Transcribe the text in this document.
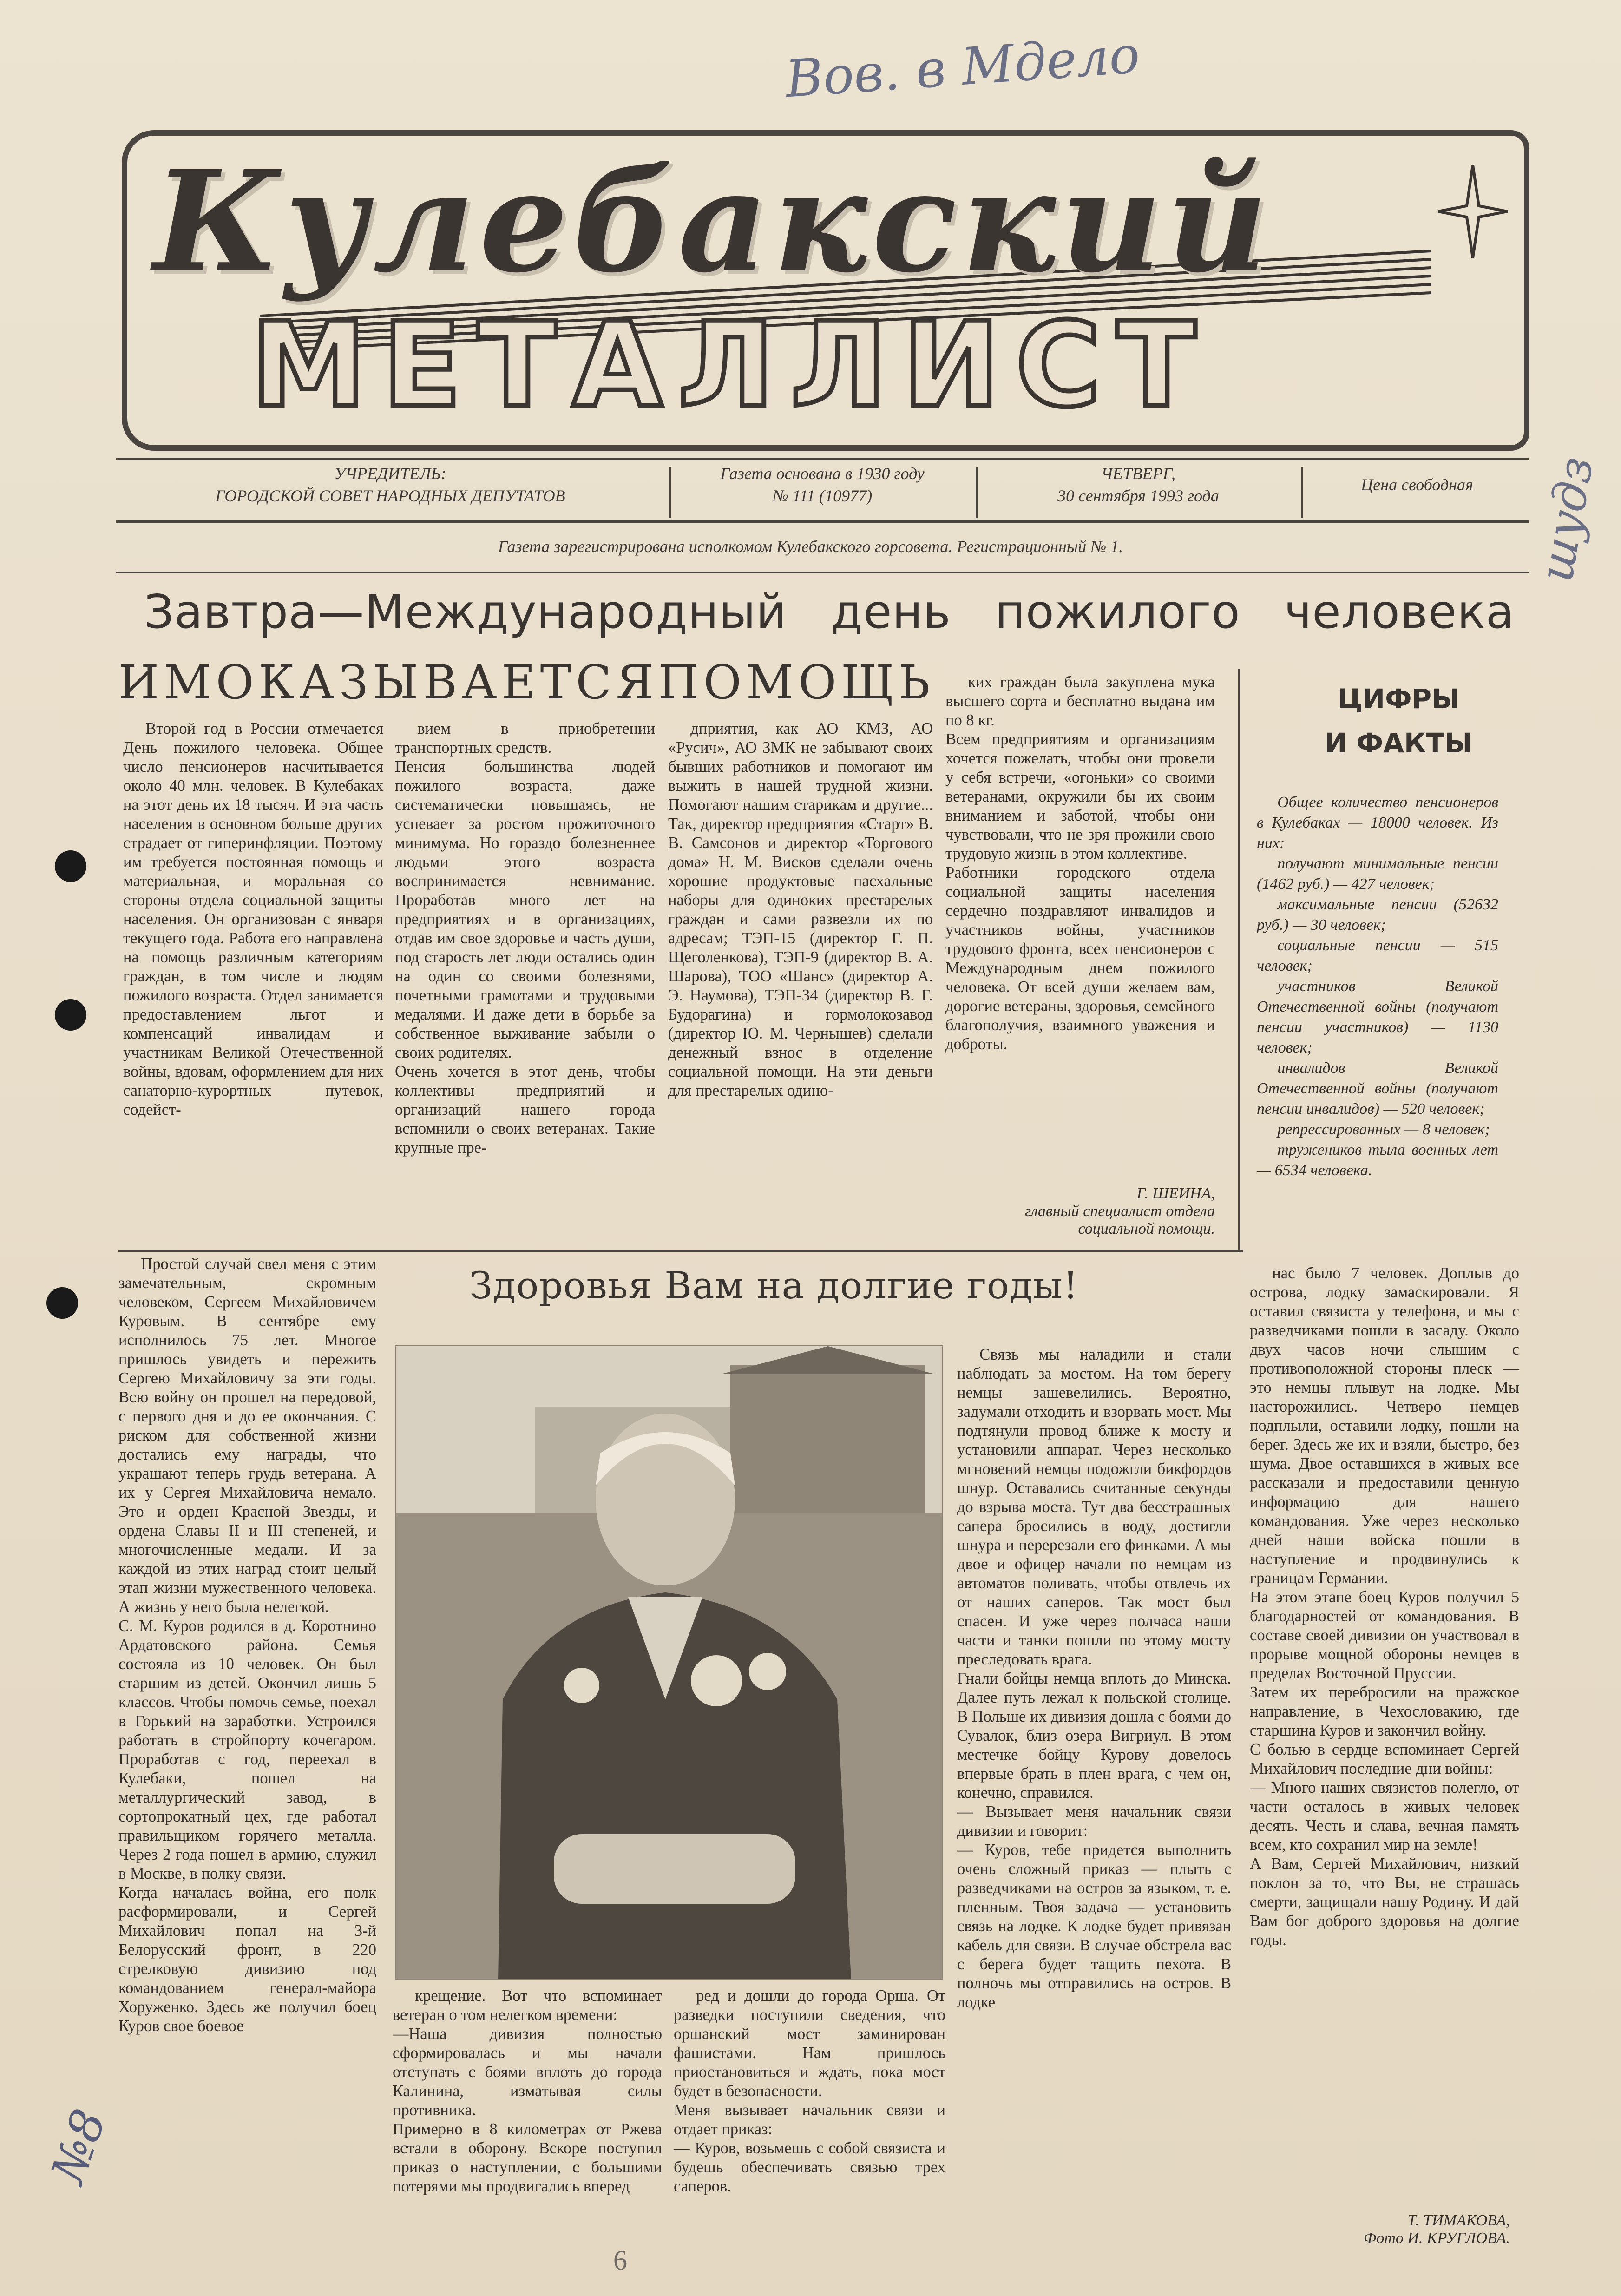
Вов. в Мдело
шудз
Кулебакский
МЕТАЛЛИСТ
УЧРЕДИТЕЛЬ:
ГОРОДСКОЙ СОВЕТ НАРОДНЫХ ДЕПУТАТОВ
Газета основана в 1930 году
№ 111 (10977)
ЧЕТВЕРГ,
30 сентября 1993 года
Цена свободная
Газета зарегистрирована исполкомом Кулебакского горсовета. Регистрационный № 1.
Завтра—Международный день пожилого человека
ИМ ОКАЗЫВАЕТСЯ ПОМОЩЬ
Второй год в России отмечается День пожилого человека. Общее число пенсионеров насчитывается около 40 млн. человек. В Кулебаках на этот день их 18 тысяч. И эта часть населения в основном больше других страдает от гиперинфляции. Поэтому им требуется постоянная помощь и материальная, и моральная со стороны отдела социальной защиты населения. Он организован с января текущего года. Работа его направлена на помощь различным категориям граждан, в том числе и людям пожилого возраста. Отдел занимается предоставлением льгот и компенсаций инвалидам и участникам Великой Отечественной войны, вдовам, оформлением для них санаторно-курортных путевок, содейст-
вием в приобретении транспортных средств.
Пенсия большинства людей пожилого возраста, даже систематически повышаясь, не успевает за ростом прожиточного минимума. Но гораздо болезненнее людьми этого возраста воспринимается невнимание. Проработав много лет на предприятиях и в организациях, отдав им свое здоровье и часть души, под старость лет люди остались один на один со своими болезнями, почетными грамотами и трудовыми медалями. И даже дети в борьбе за собственное выживание забыли о своих родителях.
Очень хочется в этот день, чтобы коллективы предприятий и организаций нашего города вспомнили о своих ветеранах. Такие крупные пре-
дприятия, как АО КМЗ, АО «Русич», АО ЗМК не забывают своих бывших работников и помогают им выжить в нашей трудной жизни. Помогают нашим старикам и другие... Так, директор предприятия «Старт» В. В. Самсонов и директор «Торгового дома» Н. М. Висков сделали очень хорошие продуктовые пасхальные наборы для одиноких престарелых граждан и сами развезли их по адресам; ТЭП-15 (директор Г. П. Щеголенкова), ТЭП-9 (директор В. А. Шарова), ТОО «Шанс» (директор А. Э. Наумова), ТЭП-34 (директор В. Г. Будорагина) и гормолокозавод (директор Ю. М. Чернышев) сделали денежный взнос в отделение социальной помощи. На эти деньги для престарелых одино-
ких граждан была закуплена мука высшего сорта и бесплатно выдана им по 8 кг.
Всем предприятиям и организациям хочется пожелать, чтобы они провели у себя встречи, «огоньки» со своими ветеранами, окружили бы их своим вниманием и заботой, чтобы они чувствовали, что не зря прожили свою трудовую жизнь в этом коллективе.
Работники городского отдела социальной защиты населения сердечно поздравляют инвалидов и участников войны, участников трудового фронта, всех пенсионеров с Международным днем пожилого человека. От всей души желаем вам, дорогие ветераны, здоровья, семейного благополучия, взаимного уважения и доброты.
Г. ШЕИНА,
главный специалист отдела социальной помощи.
ЦИФРЫ
И ФАКТЫ

Общее количество пенсионеров в Кулебаках — 18000 человек. Из них:

получают минимальные пенсии (1462 руб.) — 427 человек;

максимальные пенсии (52632 руб.) — 30 человек;

социальные пенсии — 515 человек;

участников Великой Отечественной войны (получают пенсии участников) — 1130 человек;

инвалидов Великой Отечественной войны (получают пенсии инвалидов) — 520 человек;

репрессированных — 8 человек;

тружеников тыла военных лет — 6534 человека.

Здоровья Вам на долгие годы!
Простой случай свел меня с этим замечательным, скромным человеком, Сергеем Михайловичем Куровым. В сентябре ему исполнилось 75 лет. Многое пришлось увидеть и пережить Сергею Михайловичу за эти годы. Всю войну он прошел на передовой, с первого дня и до ее окончания. С риском для собственной жизни достались ему награды, что украшают теперь грудь ветерана. А их у Сергея Михайловича немало. Это и орден Красной Звезды, и ордена Славы II и III степеней, и многочисленные медали. И за каждой из этих наград стоит целый этап жизни мужественного человека. А жизнь у него была нелегкой.
С. М. Куров родился в д. Коротнино Ардатовского района. Семья состояла из 10 человек. Он был старшим из детей. Окончил лишь 5 классов. Чтобы помочь семье, поехал в Горький на заработки. Устроился работать в стройпорту кочегаром. Проработав с год, переехал в Кулебаки, пошел на металлургический завод, в сортопрокатный цех, где работал правильщиком горячего металла. Через 2 года пошел в армию, служил в Москве, в полку связи.
Когда началась война, его полк расформировали, и Сергей Михайлович попал на 3-й Белорусский фронт, в 220 стрелковую дивизию под командованием генерал-майора Хоруженко. Здесь же получил боец Куров свое боевое
крещение. Вот что вспоминает ветеран о том нелегком времени:
—Наша дивизия полностью сформировалась и мы начали отступать с боями вплоть до города Калинина, изматывая силы противника.
Примерно в 8 километрах от Ржева встали в оборону. Вскоре поступил приказ о наступлении, с большими потерями мы продвигались вперед
ред и дошли до города Орша. От разведки поступили сведения, что оршанский мост заминирован фашистами. Нам пришлось приостановиться и ждать, пока мост будет в безопасности.
Меня вызывает начальник связи и отдает приказ:
— Куров, возьмешь с собой связиста и будешь обеспечивать связью трех саперов.
Связь мы наладили и стали наблюдать за мостом. На том берегу немцы зашевелились. Вероятно, задумали отходить и взорвать мост. Мы подтянули провод ближе к мосту и установили аппарат. Через несколько мгновений немцы подожгли бикфордов шнур. Оставались считанные секунды до взрыва моста. Тут два бесстрашных сапера бросились в воду, достигли шнура и перерезали его финками. А мы двое и офицер начали по немцам из автоматов поливать, чтобы отвлечь их от наших саперов. Так мост был спасен. И уже через полчаса наши части и танки пошли по этому мосту преследовать врага.
Гнали бойцы немца вплоть до Минска. Далее путь лежал к польской столице. В Польше их дивизия дошла с боями до Сувалок, близ озера Вигриул. В этом местечке бойцу Курову довелось впервые брать в плен врага, с чем он, конечно, справился.
— Вызывает меня начальник связи дивизии и говорит:
— Куров, тебе придется выполнить очень сложный приказ — плыть с разведчиками на остров за языком, т. е. пленным. Твоя задача — установить связь на лодке. К лодке будет привязан кабель для связи. В случае обстрела вас с берега будет тащить пехота. В полночь мы отправились на остров. В лодке
нас было 7 человек. Доплыв до острова, лодку замаскировали. Я оставил связиста у телефона, и мы с разведчиками пошли в засаду. Около двух часов ночи слышим с противоположной стороны плеск — это немцы плывут на лодке. Мы насторожились. Четверо немцев подплыли, оставили лодку, пошли на берег. Здесь же их и взяли, быстро, без шума. Двое оставшихся в живых все рассказали и предоставили ценную информацию для нашего командования. Уже через несколько дней наши войска пошли в наступление и продвинулись к границам Германии.
На этом этапе боец Куров получил 5 благодарностей от командования. В составе своей дивизии он участвовал в прорыве мощной обороны немцев в пределах Восточной Пруссии.
Затем их перебросили на пражское направление, в Чехословакию, где старшина Куров и закончил войну.
С болью в сердце вспоминает Сергей Михайлович последние дни войны:
— Много наших связистов полегло, от части осталось в живых человек десять. Честь и слава, вечная память всем, кто сохранил мир на земле!
А Вам, Сергей Михайлович, низкий поклон за то, что Вы, не страшась смерти, защищали нашу Родину. И дай Вам бог доброго здоровья на долгие годы.
Т. ТИМАКОВА,
Фото И. КРУГЛОВА.
№8
6
